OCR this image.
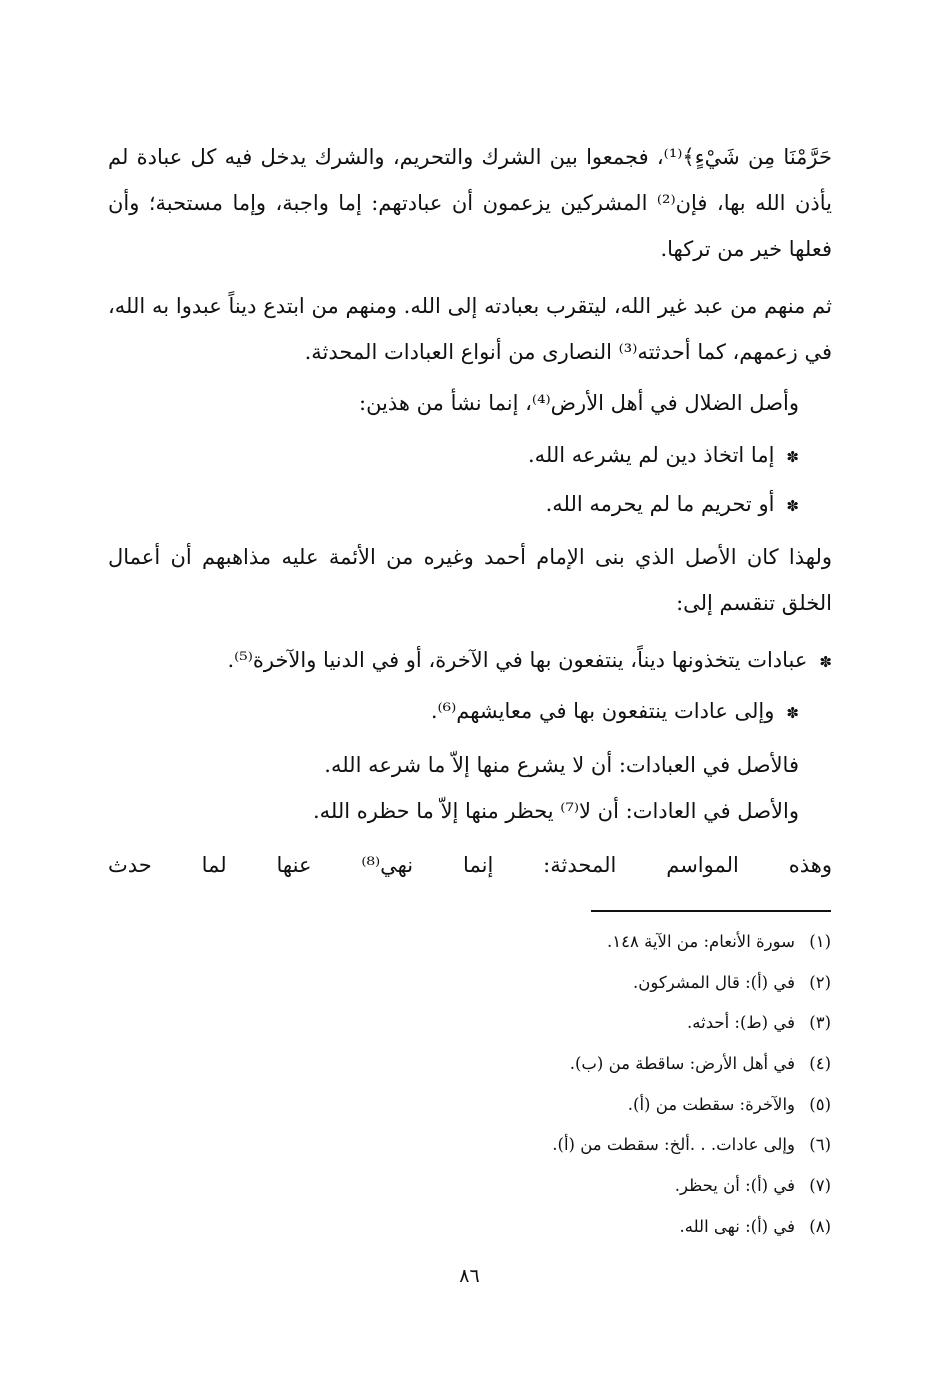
حَرَّمْنَا مِن شَيْءٍ﴾⁽¹⁾، فجمعوا بين الشرك والتحريم، والشرك يدخل فيه كل عبادة لم يأذن الله بها، فإن⁽²⁾ المشركين يزعمون أن عبادتهم: إما واجبة، وإما مستحبة؛ وأن فعلها خير من تركها.
ثم منهم من عبد غير الله، ليتقرب بعبادته إلى الله. ومنهم من ابتدع ديناً عبدوا به الله، في زعمهم، كما أحدثته⁽³⁾ النصارى من أنواع العبادات المحدثة.
وأصل الضلال في أهل الأرض⁽⁴⁾، إنما نشأ من هذين:
✽إما اتخاذ دين لم يشرعه الله.
✽أو تحريم ما لم يحرمه الله.
ولهذا كان الأصل الذي بنى الإمام أحمد وغيره من الأئمة عليه مذاهبهم أن أعمال الخلق تنقسم إلى:
✽عبادات يتخذونها ديناً، ينتفعون بها في الآخرة، أو في الدنيا والآخرة⁽⁵⁾.
✽وإلى عادات ينتفعون بها في معايشهم⁽⁶⁾.
فالأصل في العبادات: أن لا يشرع منها إلاّ ما شرعه الله.
والأصل في العادات: أن لا⁽⁷⁾ يحظر منها إلاّ ما حظره الله.
وهذه المواسم المحدثة: إنما نهي⁽⁸⁾ عنها لما حدث
(١)سورة الأنعام: من الآية ١٤٨.
(٢)في (أ): قال المشركون.
(٣)في (ط): أحدثه.
(٤)في أهل الأرض: ساقطة من (ب).
(٥)والآخرة: سقطت من (أ).
(٦)وإلى عادات. . .ألخ: سقطت من (أ).
(٧)في (أ): أن يحظر.
(٨)في (أ): نهى الله.
٨٦
